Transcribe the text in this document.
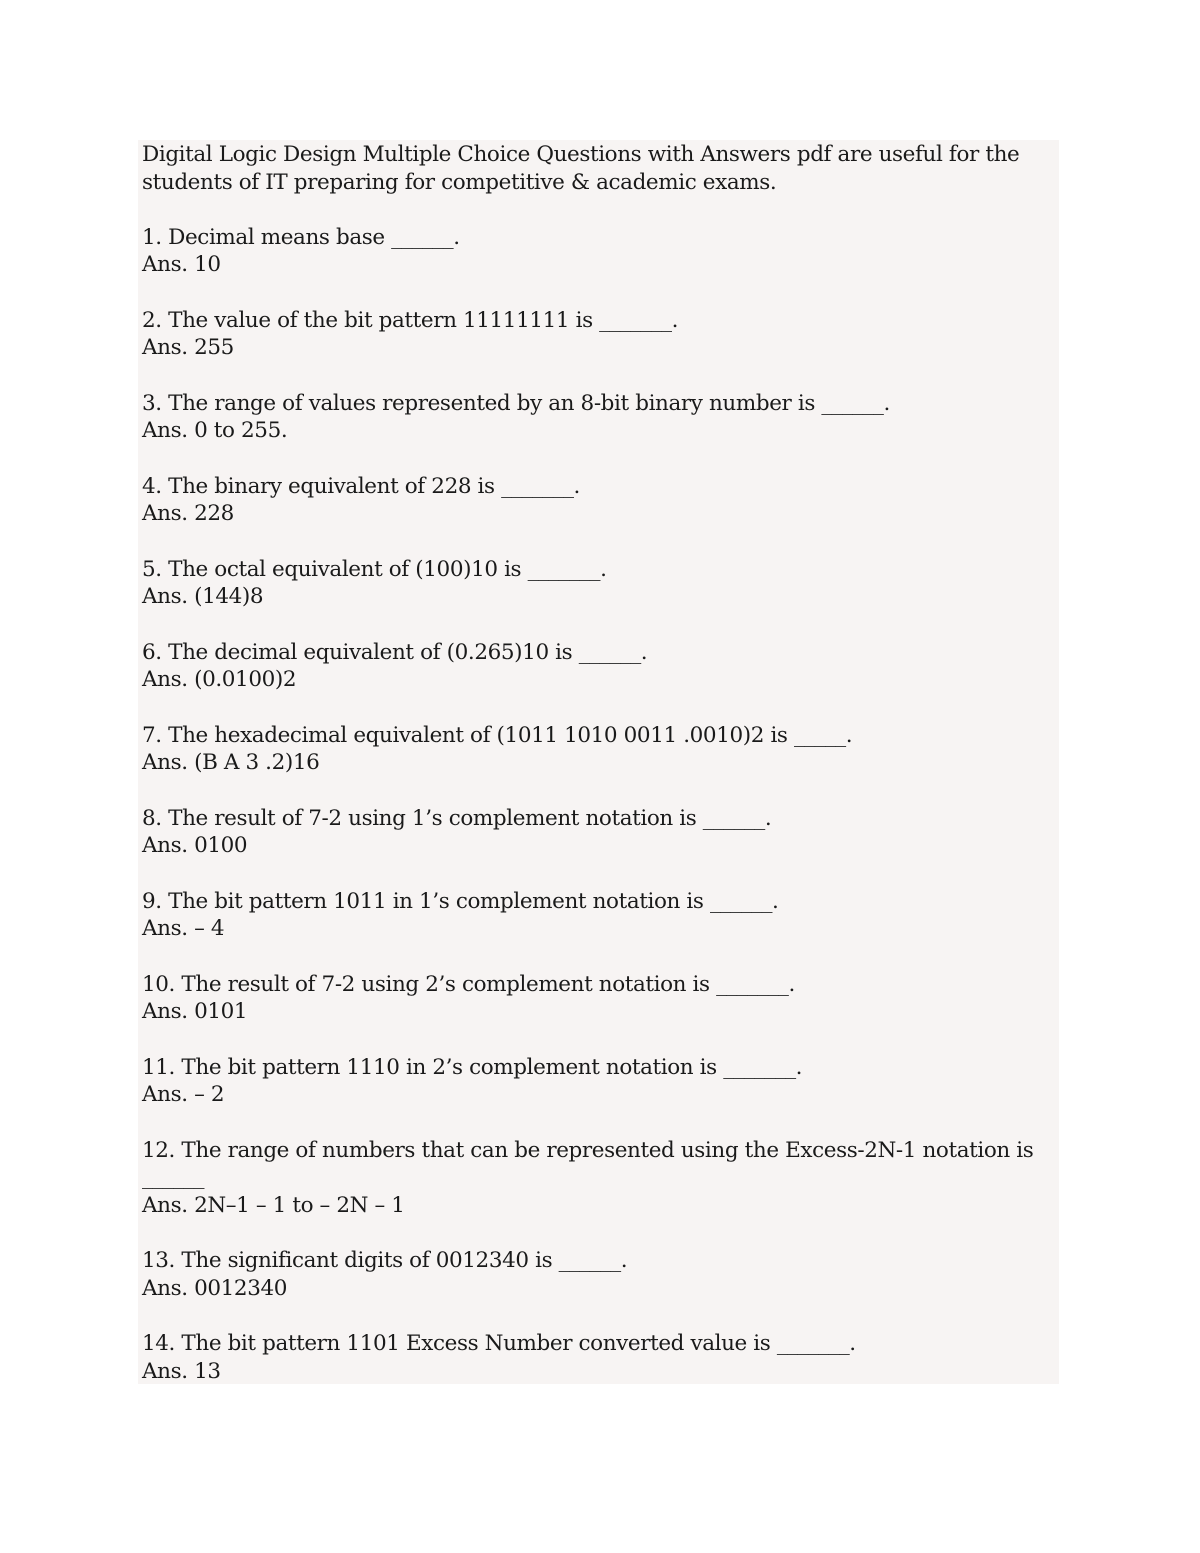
Digital Logic Design Multiple Choice Questions with Answers pdf are useful for the students of IT preparing for competitive & academic exams.

1. Decimal means base ______.

Ans. 10

2. The value of the bit pattern 11111111 is _______.

Ans. 255

3. The range of values represented by an 8-bit binary number is ______.

Ans. 0 to 255.

4. The binary equivalent of 228 is _______.

Ans. 228

5. The octal equivalent of (100)10 is _______.

Ans. (144)8

6. The decimal equivalent of (0.265)10 is ______.

Ans. (0.0100)2

7. The hexadecimal equivalent of (1011 1010 0011 .0010)2 is _____.

Ans. (B A 3 .2)16

8. The result of 7-2 using 1’s complement notation is ______.

Ans. 0100

9. The bit pattern 1011 in 1’s complement notation is ______.

Ans. – 4

10. The result of 7-2 using 2’s complement notation is _______.

Ans. 0101

11. The bit pattern 1110 in 2’s complement notation is _______.

Ans. – 2

12. The range of numbers that can be represented using the Excess-2N-1 notation is

______

Ans. 2N–1 – 1 to – 2N – 1

13. The significant digits of 0012340 is ______.

Ans. 0012340

14. The bit pattern 1101 Excess Number converted value is _______.

Ans. 13
